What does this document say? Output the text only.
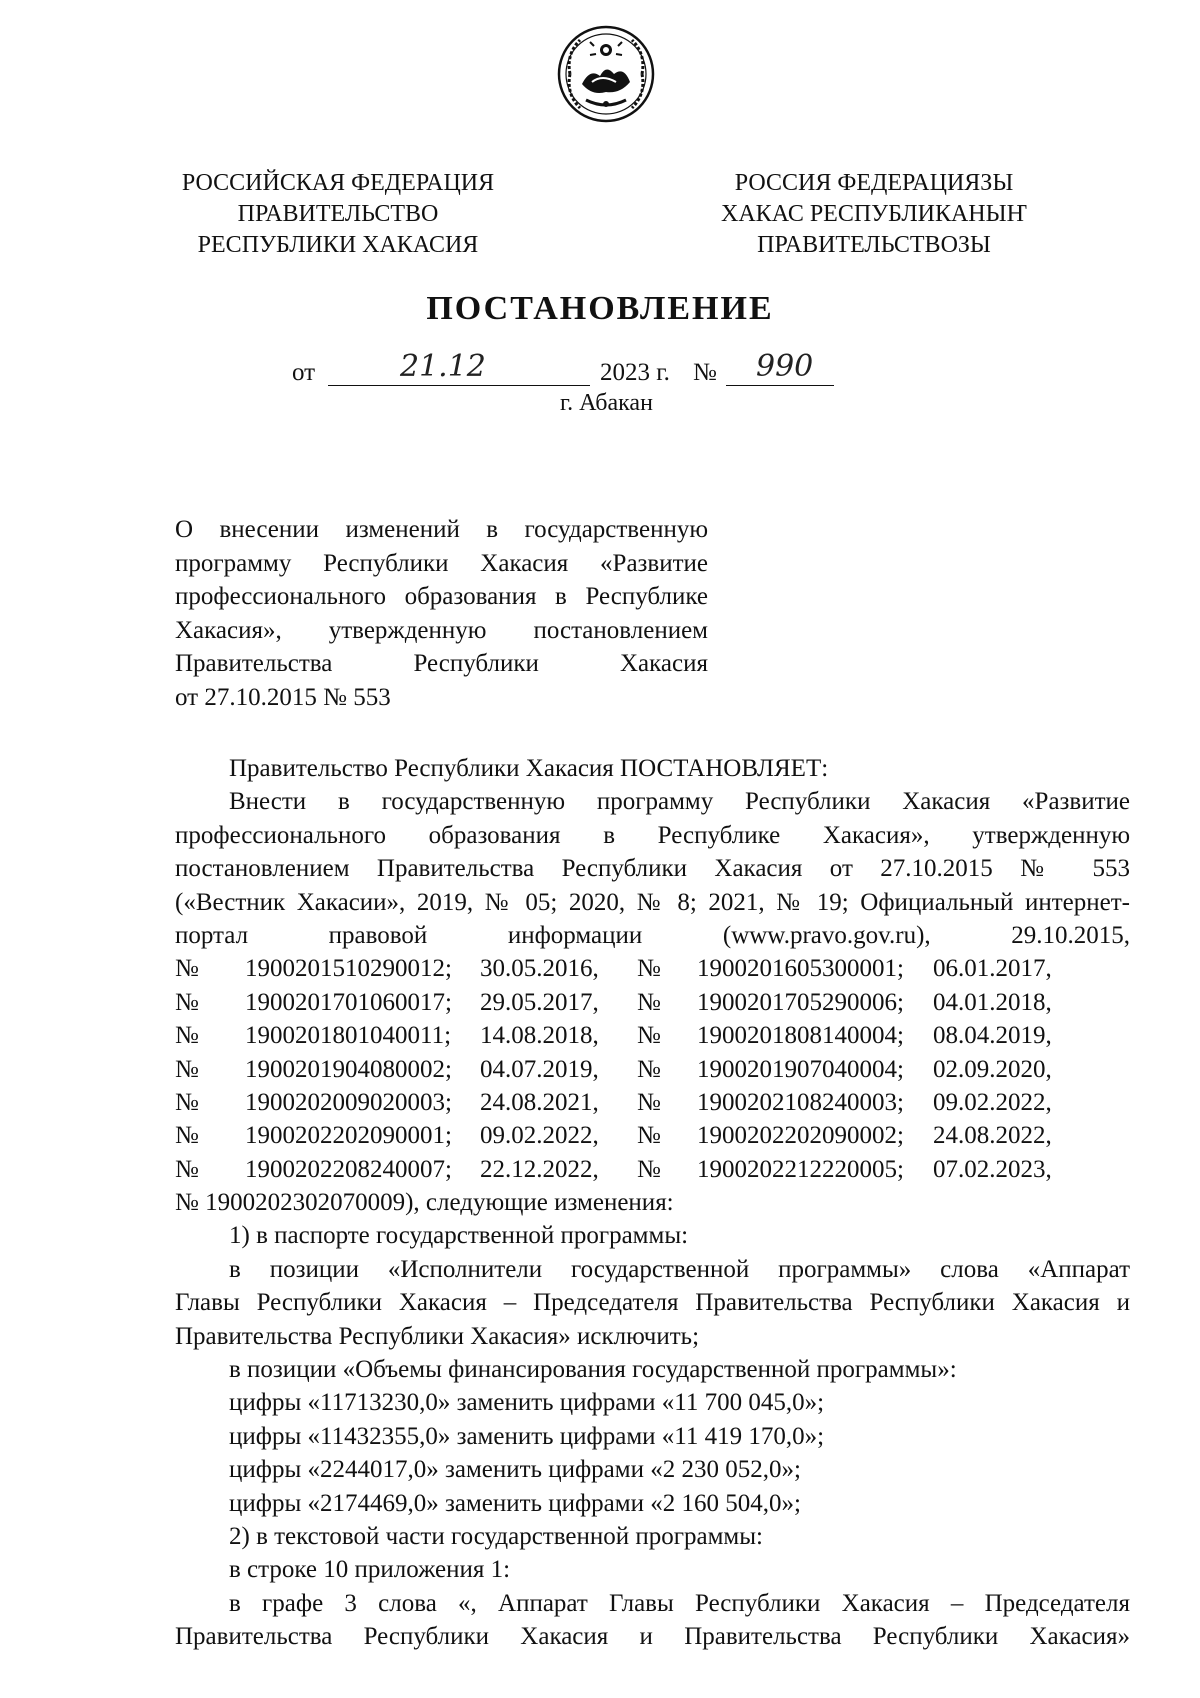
РОССИЙСКАЯ ФЕДЕРАЦИЯ
ПРАВИТЕЛЬСТВО
РЕСПУБЛИКИ ХАКАСИЯ
РОССИЯ ФЕДЕРАЦИЯЗЫ
ХАКАС РЕСПУБЛИКАНЫҤ
ПРАВИТЕЛЬСТВОЗЫ
ПОСТАНОВЛЕНИЕ
от	21.12	2023 г. № 990
г. Абакан
О внесении изменений в государственную
программу Республики Хакасия «Развитие
профессионального образования в Республике
Хакасия», утвержденную постановлением
Правительства Республики Хакасия
от 27.10.2015 № 553
Правительство Республики Хакасия ПОСТАНОВЛЯЕТ:
Внести в государственную программу Республики Хакасия «Развитие
профессионального образования в Республике Хакасия», утвержденную
постановлением Правительства Республики Хакасия от 27.10.2015 № 553
(«Вестник Хакасии», 2019, № 05; 2020, № 8; 2021, № 19; Официальный интернет-
портал правовой информации (www.pravo.gov.ru), 29.10.2015,
№ 1900201510290012; 30.05.2016, № 1900201605300001; 06.01.2017,
№ 1900201701060017; 29.05.2017, № 1900201705290006; 04.01.2018,
№ 1900201801040011; 14.08.2018, № 1900201808140004; 08.04.2019,
№ 1900201904080002; 04.07.2019, № 1900201907040004; 02.09.2020,
№ 1900202009020003; 24.08.2021, № 1900202108240003; 09.02.2022,
№ 1900202202090001; 09.02.2022, № 1900202202090002; 24.08.2022,
№ 1900202208240007; 22.12.2022, № 1900202212220005; 07.02.2023,
№ 1900202302070009), следующие изменения:
1) в паспорте государственной программы:
в позиции «Исполнители государственной программы» слова «Аппарат
Главы Республики Хакасия – Председателя Правительства Республики Хакасия и
Правительства Республики Хакасия» исключить;
в позиции «Объемы финансирования государственной программы»:
цифры «11713230,0» заменить цифрами «11 700 045,0»;
цифры «11432355,0» заменить цифрами «11 419 170,0»;
цифры «2244017,0» заменить цифрами «2 230 052,0»;
цифры «2174469,0» заменить цифрами «2 160 504,0»;
2) в текстовой части государственной программы:
в строке 10 приложения 1:
в графе 3 слова «, Аппарат Главы Республики Хакасия – Председателя
Правительства Республики Хакасия и Правительства Республики Хакасия»
